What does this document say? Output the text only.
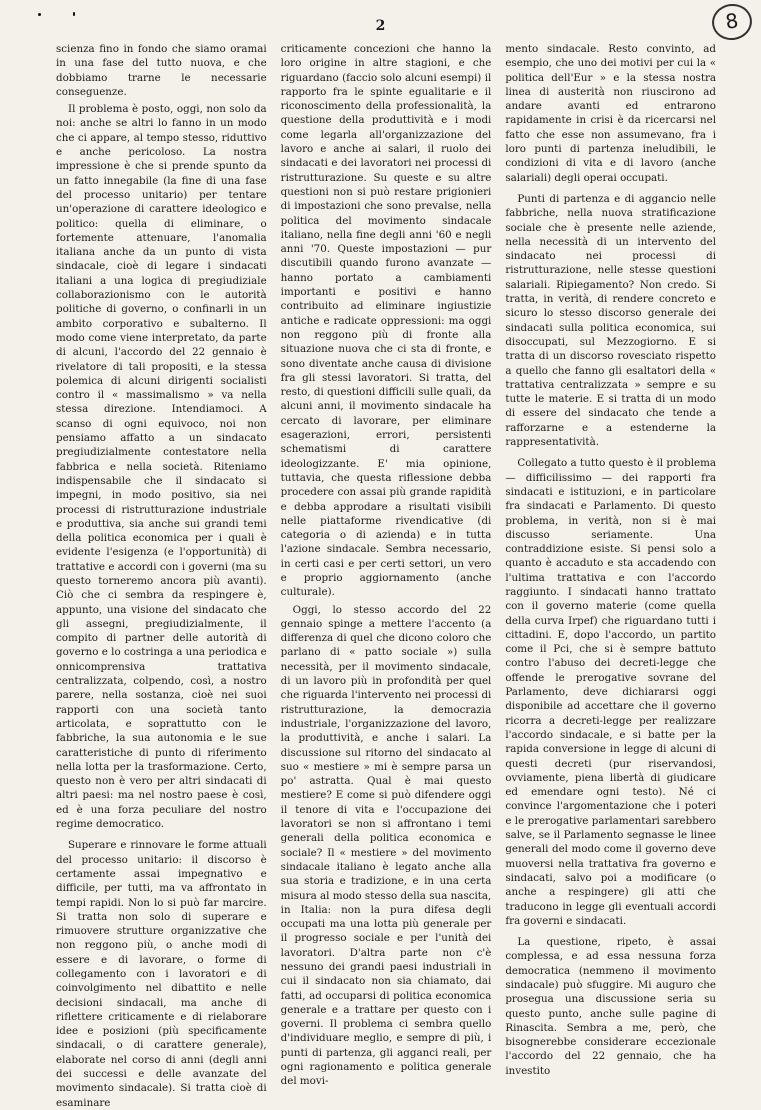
2	8

scienza fino in fondo che siamo oramai in una fase del tutto nuova, e che dobbiamo trarne le necessarie conseguenze.

Il problema è posto, oggi, non solo da noi: anche se altri lo fanno in un modo che ci appare, al tempo stesso, riduttivo e anche pericoloso. La nostra impressione è che si prende spunto da un fatto innegabile (la fine di una fase del processo unitario) per tentare un'operazione di carattere ideologico e politico: quella di eliminare, o fortemente attenuare, l'anomalia italiana anche da un punto di vista sindacale, cioè di legare i sindacati italiani a una logica di pregiudiziale collaborazionismo con le autorità politiche di governo, o confinarli in un ambito corporativo e subalterno. Il modo come viene interpretato, da parte di alcuni, l'accordo del 22 gennaio è rivelatore di tali propositi, e la stessa polemica di alcuni dirigenti socialisti contro il « massimalismo » va nella stessa direzione. Intendiamoci. A scanso di ogni equivoco, noi non pensiamo affatto a un sindacato pregiudizialmente contestatore nella fabbrica e nella società. Riteniamo indispensabile che il sindacato si impegni, in modo positivo, sia nei processi di ristrutturazione industriale e produttiva, sia anche sui grandi temi della politica economica per i quali è evidente l'esigenza (e l'opportunità) di trattative e accordi con i governi (ma su questo torneremo ancora più avanti). Ciò che ci sembra da respingere è, appunto, una visione del sindacato che gli assegni, pregiudizialmente, il compito di partner delle autorità di governo e lo costringa a una periodica e onnicomprensiva trattativa centralizzata, colpendo, così, a nostro parere, nella sostanza, cioè nei suoi rapporti con una società tanto articolata, e soprattutto con le fabbriche, la sua autonomia e le sue caratteristiche di punto di riferimento nella lotta per la trasformazione. Certo, questo non è vero per altri sindacati di altri paesi: ma nel nostro paese è così, ed è una forza peculiare del nostro regime democratico.

Superare e rinnovare le forme attuali del processo unitario: il discorso è certamente assai impegnativo e difficile, per tutti, ma va affrontato in tempi rapidi. Non lo si può far marcire. Si tratta non solo di superare e rimuovere strutture organizzative che non reggono più, o anche modi di essere e di lavorare, o forme di collegamento con i lavoratori e di coinvolgimento nel dibattito e nelle decisioni sindacali, ma anche di riflettere criticamente e di rielaborare idee e posizioni (più specificamente sindacali, o di carattere generale), elaborate nel corso di anni (degli anni dei successi e delle avanzate del movimento sindacale). Si tratta cioè di esaminare

criticamente concezioni che hanno la loro origine in altre stagioni, e che riguardano (faccio solo alcuni esempi) il rapporto fra le spinte egualitarie e il riconoscimento della professionalità, la questione della produttività e i modi come legarla all'organizzazione del lavoro e anche ai salari, il ruolo dei sindacati e dei lavoratori nei processi di ristrutturazione. Su queste e su altre questioni non si può restare prigionieri di impostazioni che sono prevalse, nella politica del movimento sindacale italiano, nella fine degli anni '60 e negli anni '70. Queste impostazioni — pur discutibili quando furono avanzate — hanno portato a cambiamenti importanti e positivi e hanno contribuito ad eliminare ingiustizie antiche e radicate oppressioni: ma oggi non reggono più di fronte alla situazione nuova che ci sta di fronte, e sono diventate anche causa di divisione fra gli stessi lavoratori. Si tratta, del resto, di questioni difficili sulle quali, da alcuni anni, il movimento sindacale ha cercato di lavorare, per eliminare esagerazioni, errori, persistenti schematismi di carattere ideologizzante. E' mia opinione, tuttavia, che questa riflessione debba procedere con assai più grande rapidità e debba approdare a risultati visibili nelle piattaforme rivendicative (di categoria o di azienda) e in tutta l'azione sindacale. Sembra necessario, in certi casi e per certi settori, un vero e proprio aggiornamento (anche culturale).

Oggi, lo stesso accordo del 22 gennaio spinge a mettere l'accento (a differenza di quel che dicono coloro che parlano di « patto sociale ») sulla necessità, per il movimento sindacale, di un lavoro più in profondità per quel che riguarda l'intervento nei processi di ristrutturazione, la democrazia industriale, l'organizzazione del lavoro, la produttività, e anche i salari. La discussione sul ritorno del sindacato al suo « mestiere » mi è sempre parsa un po' astratta. Qual è mai questo mestiere? E come si può difendere oggi il tenore di vita e l'occupazione dei lavoratori se non si affrontano i temi generali della politica economica e sociale? Il « mestiere » del movimento sindacale italiano è legato anche alla sua storia e tradizione, e in una certa misura al modo stesso della sua nascita, in Italia: non la pura difesa degli occupati ma una lotta più generale per il progresso sociale e per l'unità dei lavoratori. D'altra parte non c'è nessuno dei grandi paesi industriali in cui il sindacato non sia chiamato, dai fatti, ad occuparsi di politica economica generale e a trattare per questo con i governi. Il problema ci sembra quello d'individuare meglio, e sempre di più, i punti di partenza, gli agganci reali, per ogni ragionamento e politica generale del movi-

mento sindacale. Resto convinto, ad esempio, che uno dei motivi per cui la « politica dell'Eur » e la stessa nostra linea di austerità non riuscirono ad andare avanti ed entrarono rapidamente in crisi è da ricercarsi nel fatto che esse non assumevano, fra i loro punti di partenza ineludibili, le condizioni di vita e di lavoro (anche salariali) degli operai occupati.

Punti di partenza e di aggancio nelle fabbriche, nella nuova stratificazione sociale che è presente nelle aziende, nella necessità di un intervento del sindacato nei processi di ristrutturazione, nelle stesse questioni salariali. Ripiegamento? Non credo. Si tratta, in verità, di rendere concreto e sicuro lo stesso discorso generale dei sindacati sulla politica economica, sui disoccupati, sul Mezzogiorno. E si tratta di un discorso rovesciato rispetto a quello che fanno gli esaltatori della « trattativa centralizzata » sempre e su tutte le materie. E si tratta di un modo di essere del sindacato che tende a rafforzarne e a estenderne la rappresentatività.

Collegato a tutto questo è il problema — difficilissimo — dei rapporti fra sindacati e istituzioni, e in particolare fra sindacati e Parlamento. Di questo problema, in verità, non si è mai discusso seriamente. Una contraddizione esiste. Si pensi solo a quanto è accaduto e sta accadendo con l'ultima trattativa e con l'accordo raggiunto. I sindacati hanno trattato con il governo materie (come quella della curva Irpef) che riguardano tutti i cittadini. E, dopo l'accordo, un partito come il Pci, che si è sempre battuto contro l'abuso dei decreti-legge che offende le prerogative sovrane del Parlamento, deve dichiararsi oggi disponibile ad accettare che il governo ricorra a decreti-legge per realizzare l'accordo sindacale, e si batte per la rapida conversione in legge di alcuni di questi decreti (pur riservandosi, ovviamente, piena libertà di giudicare ed emendare ogni testo). Né ci convince l'argomentazione che i poteri e le prerogative parlamentari sarebbero salve, se il Parlamento segnasse le linee generali del modo come il governo deve muoversi nella trattativa fra governo e sindacati, salvo poi a modificare (o anche a respingere) gli atti che traducono in legge gli eventuali accordi fra governi e sindacati.

La questione, ripeto, è assai complessa, e ad essa nessuna forza democratica (nemmeno il movimento sindacale) può sfuggire. Mi auguro che prosegua una discussione seria su questo punto, anche sulle pagine di Rinascita. Sembra a me, però, che bisognerebbe considerare eccezionale l'accordo del 22 gennaio, che ha investito
